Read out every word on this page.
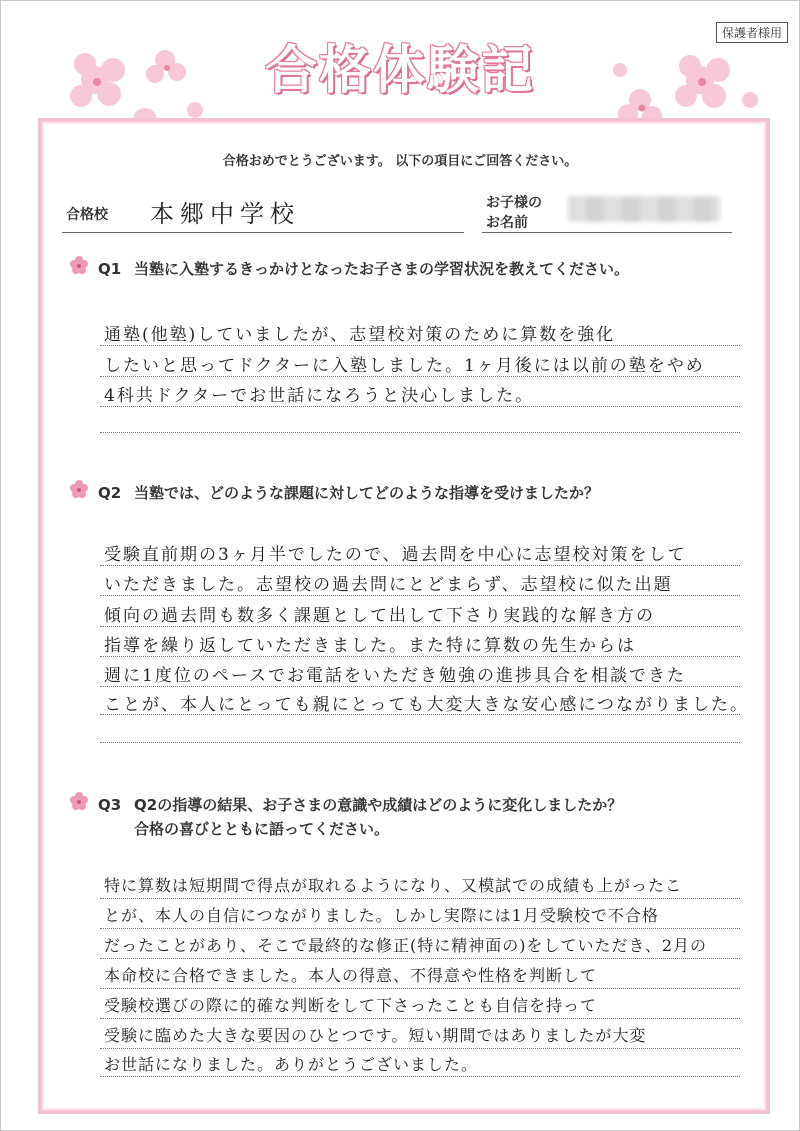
保護者様用
合格体験記
合格おめでとうございます。 以下の項目にご回答ください。
合格校 本郷中学校	お子様の
お名前
Q1 当塾に入塾するきっかけとなったお子さまの学習状況を教えてください。
通塾(他塾)していましたが、志望校対策のために算数を強化
したいと思ってドクターに入塾しました。1ヶ月後には以前の塾をやめ
4科共ドクターでお世話になろうと決心しました。
Q2 当塾では、どのような課題に対してどのような指導を受けましたか？
受験直前期の3ヶ月半でしたので、過去問を中心に志望校対策をして
いただきました。志望校の過去問にとどまらず、志望校に似た出題
傾向の過去問も数多く課題として出して下さり実践的な解き方の
指導を繰り返していただきました。また特に算数の先生からは
週に1度位のペースでお電話をいただき勉強の進捗具合を相談できた
ことが、本人にとっても親にとっても大変大きな安心感につながりました。
Q3 Q2の指導の結果、お子さまの意識や成績はどのように変化しましたか？
合格の喜びとともに語ってください。
特に算数は短期間で得点が取れるようになり、又模試での成績も上がったこ
とが、本人の自信につながりました。しかし実際には1月受験校で不合格
だったことがあり、そこで最終的な修正(特に精神面の)をしていただき、2月の
本命校に合格できました。本人の得意、不得意や性格を判断して
受験校選びの際に的確な判断をして下さったことも自信を持って
受験に臨めた大きな要因のひとつです。短い期間ではありましたが大変
お世話になりました。ありがとうございました。
